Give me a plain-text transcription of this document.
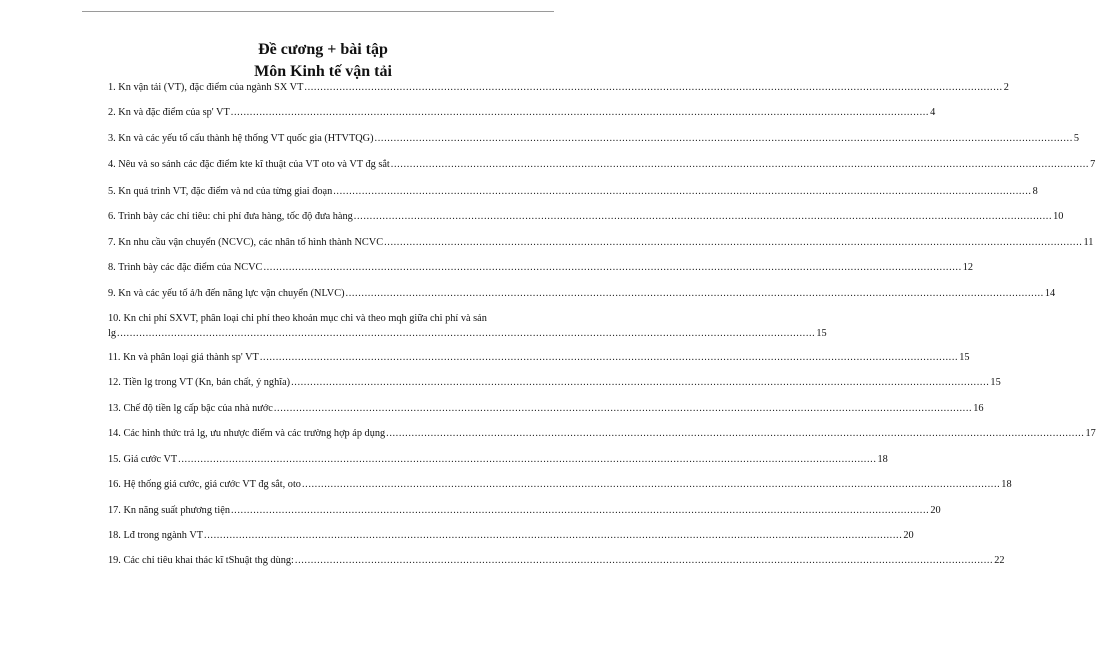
Đề cương + bài tập
Môn Kinh tế vận tải
1. Kn vận tải (VT), đặc điểm của ngành SX VT ............................................................................................................................................................................................................................ 2
2. Kn và đặc điểm của sp' VT ............................................................................................................................................................................................................................ 4
3. Kn và các yếu tố cấu thành hệ thống VT quốc gia (HTVTQG) ............................................................................................................................................................................................................................ 5
4. Nêu và so sánh các đặc điểm kte kĩ thuật của VT oto và VT đg sắt ............................................................................................................................................................................................................................ 7
5. Kn quá trình VT, đặc điểm và nd của từng giai đoạn ............................................................................................................................................................................................................................ 8
6. Trình bày các chỉ tiêu: chi phí đưa hàng, tốc độ đưa hàng ............................................................................................................................................................................................................................ 10
7. Kn nhu cầu vận chuyển (NCVC), các nhân tố hình thành NCVC ............................................................................................................................................................................................................................ 11
8. Trình bày các đặc điểm của NCVC ............................................................................................................................................................................................................................ 12
9. Kn và các yếu tố ả/h đến năng lực vận chuyển (NLVC) ............................................................................................................................................................................................................................ 14
10. Kn chi phí SXVT, phân loại chi phí theo khoản mục chi và theo mqh giữa chi phí và sản
lg ............................................................................................................................................................................................................................ 15
11. Kn và phân loại giá thành sp' VT ............................................................................................................................................................................................................................ 15
12. Tiền lg trong VT (Kn, bản chất, ý nghĩa) ............................................................................................................................................................................................................................ 15
13. Chế độ tiền lg cấp bậc của nhà nước ............................................................................................................................................................................................................................ 16
14. Các hình thức trả lg, ưu nhược điểm và các trường hợp áp dụng ............................................................................................................................................................................................................................ 17
15. Giá cước VT ............................................................................................................................................................................................................................ 18
16. Hệ thống giá cước, giá cước VT đg sắt, oto ............................................................................................................................................................................................................................ 18
17. Kn năng suất phương tiện ............................................................................................................................................................................................................................ 20
18. Lđ trong ngành VT ............................................................................................................................................................................................................................ 20
19. Các chỉ tiêu khai thác kĩ tShuật thg dùng: ............................................................................................................................................................................................................................ 22
